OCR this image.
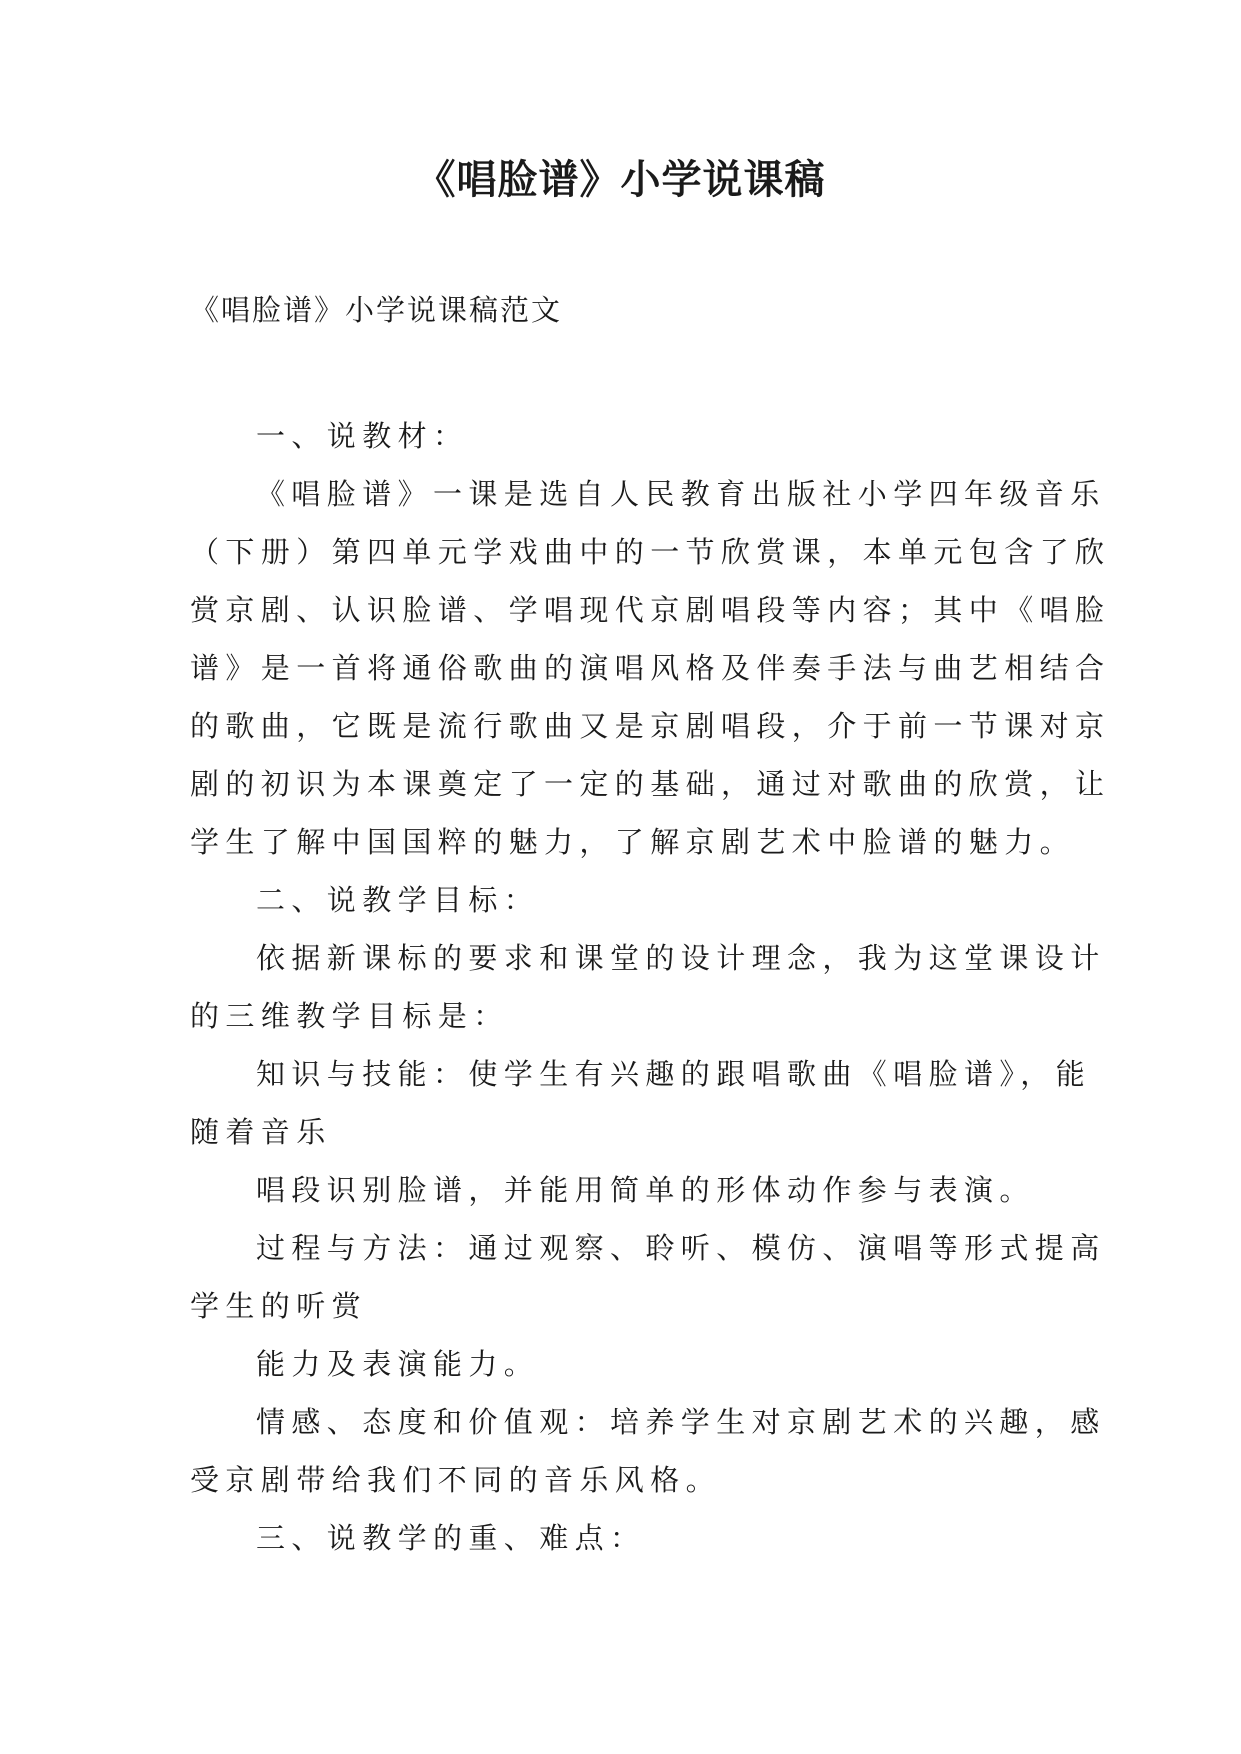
《唱脸谱》小学说课稿

《唱脸谱》小学说课稿范文

一、说教材：

《唱脸谱》一课是选自人民教育出版社小学四年级音乐

（下册）第四单元学戏曲中的一节欣赏课，本单元包含了欣

赏京剧、认识脸谱、学唱现代京剧唱段等内容；其中《唱脸

谱》是一首将通俗歌曲的演唱风格及伴奏手法与曲艺相结合

的歌曲，它既是流行歌曲又是京剧唱段，介于前一节课对京

剧的初识为本课奠定了一定的基础，通过对歌曲的欣赏，让

学生了解中国国粹的魅力，了解京剧艺术中脸谱的魅力。

二、说教学目标：

依据新课标的要求和课堂的设计理念，我为这堂课设计

的三维教学目标是：

知识与技能：使学生有兴趣的跟唱歌曲《唱脸谱》，能

随着音乐

唱段识别脸谱，并能用简单的形体动作参与表演。

过程与方法：通过观察、聆听、模仿、演唱等形式提高

学生的听赏

能力及表演能力。

情感、态度和价值观：培养学生对京剧艺术的兴趣，感

受京剧带给我们不同的音乐风格。

三、说教学的重、难点：
